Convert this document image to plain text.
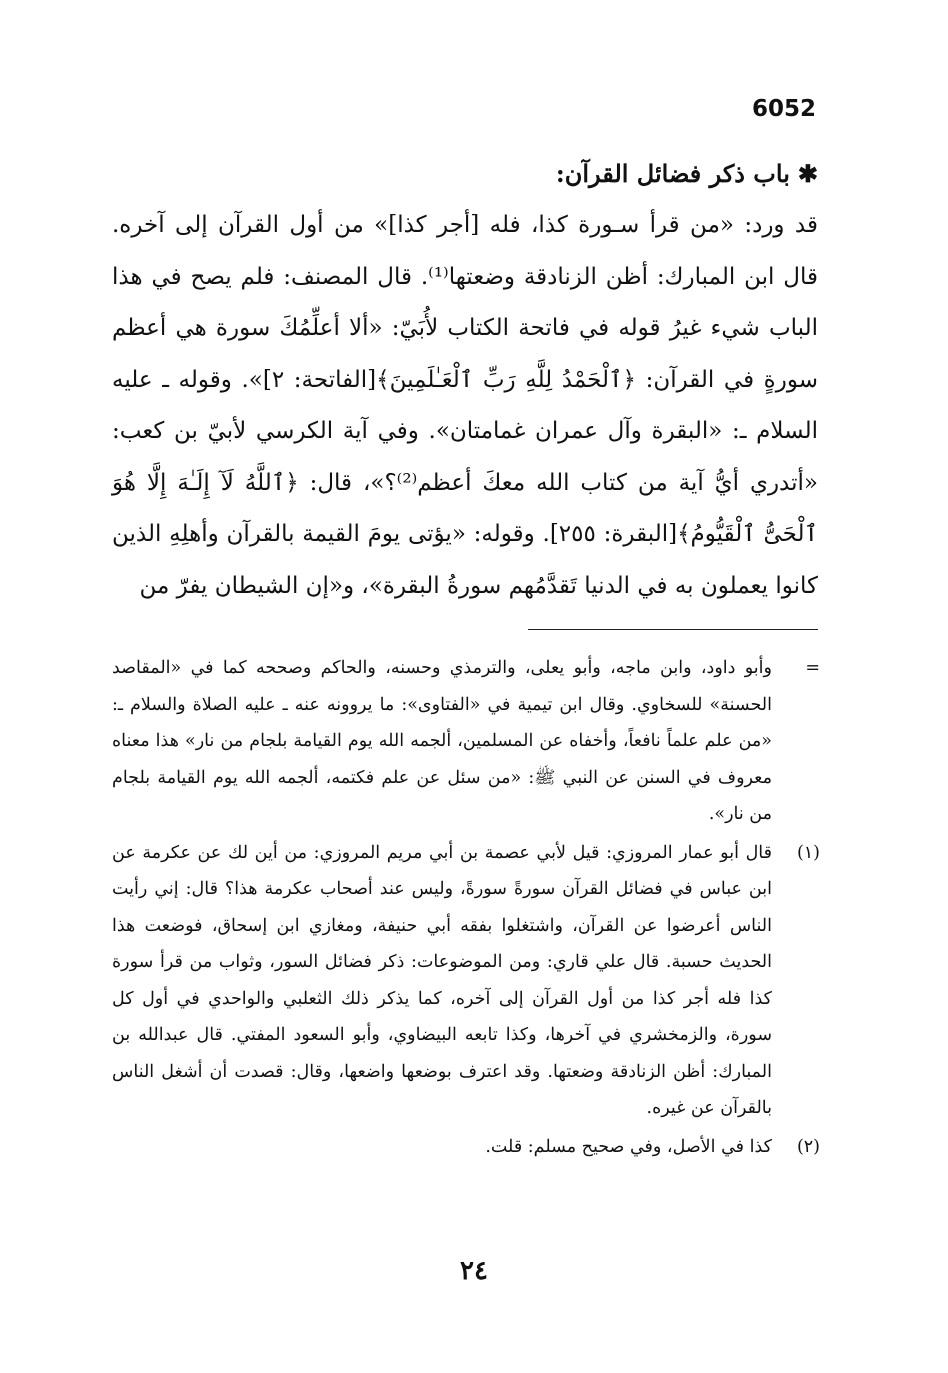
6052
✱باب ذكر فضائل القرآن:

قد ورد: «من قرأ سـورة كذا، فله [أجر كذا]» من أول القرآن إلى آخره. قال ابن المبارك: أظن الزنادقة وضعتها⁽¹⁾. قال المصنف: فلم يصح في هذا الباب شيء غيرُ قوله في فاتحة الكتاب لأُبَيّ: «ألا أعلِّمُكَ سورة هي أعظم سورةٍ في القرآن: ﴿ٱلْحَمْدُ لِلَّهِ رَبِّ ٱلْعَـٰلَمِينَ﴾[الفاتحة: ٢]». وقوله ـ عليه السلام ـ: «البقرة وآل عمران غمامتان». وفي آية الكرسي لأبيّ بن كعب: «أتدري أيُّ آية من كتاب الله معكَ أعظم⁽²⁾؟»، قال: ﴿ٱللَّهُ لَآ إِلَـٰهَ إِلَّا هُوَ ٱلْحَىُّ ٱلْقَيُّومُ﴾[البقرة: ٢٥٥]. وقوله: «يؤتى يومَ القيمة بالقرآن وأهلِهِ الذين كانوا يعملون به في الدنيا تَقدَّمُهم سورةُ البقرة»، و«إن الشيطان يفرّ من

=
وأبو داود، وابن ماجه، وأبو يعلى، والترمذي وحسنه، والحاكم وصححه كما في «المقاصد الحسنة» للسخاوي. وقال ابن تيمية في «الفتاوى»: ما يروونه عنه ـ عليه الصلاة والسلام ـ: «من علم علماً نافعاً، وأخفاه عن المسلمين، ألجمه الله يوم القيامة بلجام من نار» هذا معناه معروف في السنن عن النبي ﷺ: «من سئل عن علم فكتمه، ألجمه الله يوم القيامة بلجام من نار».

(١)
قال أبو عمار المروزي: قيل لأبي عصمة بن أبي مريم المروزي: من أين لك عن عكرمة عن ابن عباس في فضائل القرآن سورةً سورةً، وليس عند أصحاب عكرمة هذا؟ قال: إني رأيت الناس أعرضوا عن القرآن، واشتغلوا بفقه أبي حنيفة، ومغازي ابن إسحاق، فوضعت هذا الحديث حسبة. قال علي قاري: ومن الموضوعات: ذكر فضائل السور، وثواب من قرأ سورة كذا فله أجر كذا من أول القرآن إلى آخره، كما يذكر ذلك الثعلبي والواحدي في أول كل سورة، والزمخشري في آخرها، وكذا تابعه البيضاوي، وأبو السعود المفتي. قال عبدالله بن المبارك: أظن الزنادقة وضعتها. وقد اعترف بوضعها واضعها، وقال: قصدت أن أشغل الناس بالقرآن عن غيره.

(٢)
كذا في الأصل، وفي صحيح مسلم: قلت.

٢٤
